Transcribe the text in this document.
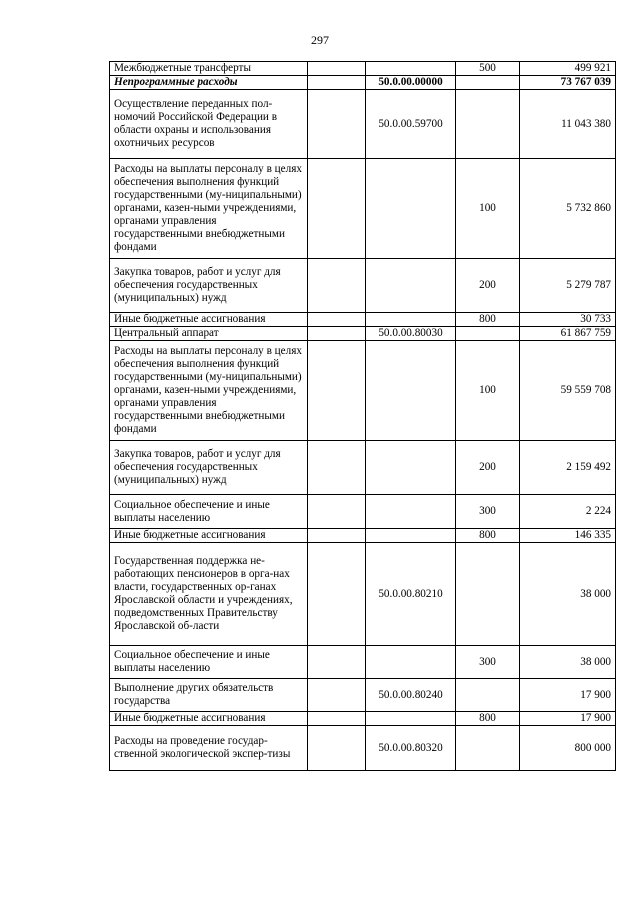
297
Межбюджетные трансферты			500	499 921
Непрограммные расходы		50.0.00.00000		73 767 039
Осуществление переданных пол-номочий Российской Федерации в области охраны и использования охотничьих ресурсов		50.0.00.59700		11 043 380
Расходы на выплаты персоналу в целях обеспечения выполнения функций государственными (му-ниципальными) органами, казен-ными учреждениями, органами управления государственными внебюджетными фондами			100	5 732 860
Закупка товаров, работ и услуг для обеспечения государственных (муниципальных) нужд			200	5 279 787
Иные бюджетные ассигнования			800	30 733
Центральный аппарат		50.0.00.80030		61 867 759
Расходы на выплаты персоналу в целях обеспечения выполнения функций государственными (му-ниципальными) органами, казен-ными учреждениями, органами управления государственными внебюджетными фондами			100	59 559 708
Закупка товаров, работ и услуг для обеспечения государственных (муниципальных) нужд			200	2 159 492
Социальное обеспечение и иные выплаты населению			300	2 224
Иные бюджетные ассигнования			800	146 335
Государственная поддержка не-работающих пенсионеров в орга-нах власти, государственных ор-ганах Ярославской области и учреждениях, подведомственных Правительству Ярославской об-ласти		50.0.00.80210		38 000
Социальное обеспечение и иные выплаты населению			300	38 000
Выполнение других обязательств государства		50.0.00.80240		17 900
Иные бюджетные ассигнования			800	17 900
Расходы на проведение государ-ственной экологической экспер-тизы		50.0.00.80320		800 000
